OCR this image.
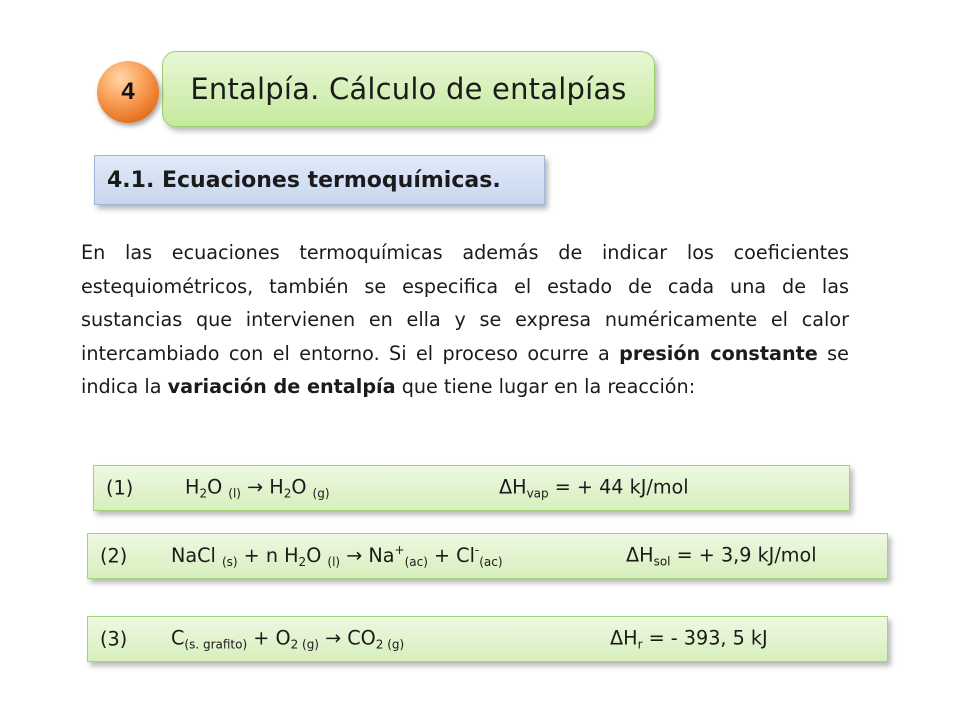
4 Entalpía. Cálculo de entalpías
4.1. Ecuaciones termoquímicas.

En las ecuaciones termoquímicas además de indicar los coeficientes estequiométricos, también se especifica el estado de cada una de las sustancias que intervienen en ella y se expresa numéricamente el calor intercambiado con el entorno. Si el proceso ocurre a presión constante se indica la variación de entalpía que tiene lugar en la reacción:

(1)	$H_2O$ $_{(l)} \to H_2O$ $_{(g)}$	$\Delta H_{vap}$ = + 44 kJ/mol
(2) NaCl $_{(s)}$ + n $H_2O$ $_{(l)} \to Na^+_{(ac)} + Cl^-_{(ac)}$	$\Delta H_{sol}$ = + 3,9 kJ/mol
(3) $C_{(s. grafito)} + O_{2 (g)} \to CO_{2 (g)}$	$\Delta H_r$ = - 393, 5 kJ
